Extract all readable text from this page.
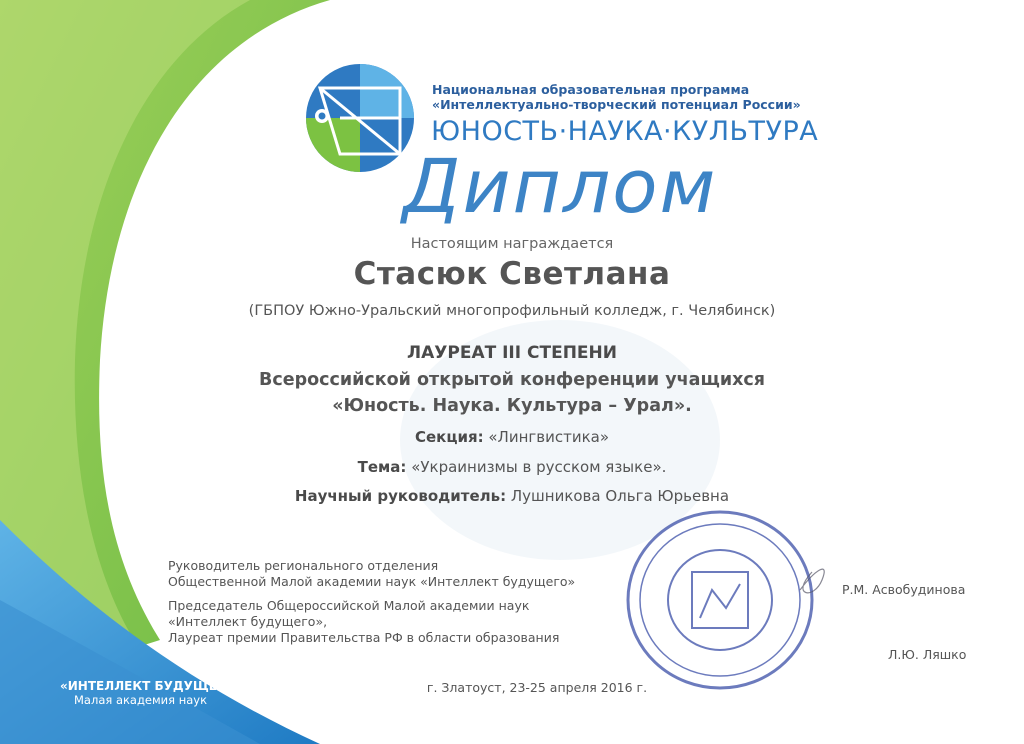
Национальная образовательная программа
«Интеллектуально-творческий потенциал России»
ЮНОСТЬ·НАУКА·КУЛЬТУРА
Диплом
Настоящим награждается
Стасюк Светлана
(ГБПОУ Южно-Уральский многопрофильный колледж, г. Челябинск)
ЛАУРЕАТ III СТЕПЕНИ
Всероссийской открытой конференции учащихся
«Юность. Наука. Культура – Урал».
Секция: «Лингвистика»
Тема: «Украинизмы в русском языке».
Научный руководитель: Лушникова Ольга Юрьевна
Руководитель регионального отделения
Общественной Малой академии наук «Интеллект будущего»
Р.М. Асвобудинова
Председатель Общероссийской Малой академии наук
«Интеллект будущего»,
Лауреат премии Правительства РФ в области образования
Л.Ю. Ляшко
г. Златоуст, 23-25 апреля 2016 г.
«ИНТЕЛЛЕКТ БУДУЩЕГО»
Малая академия наук
